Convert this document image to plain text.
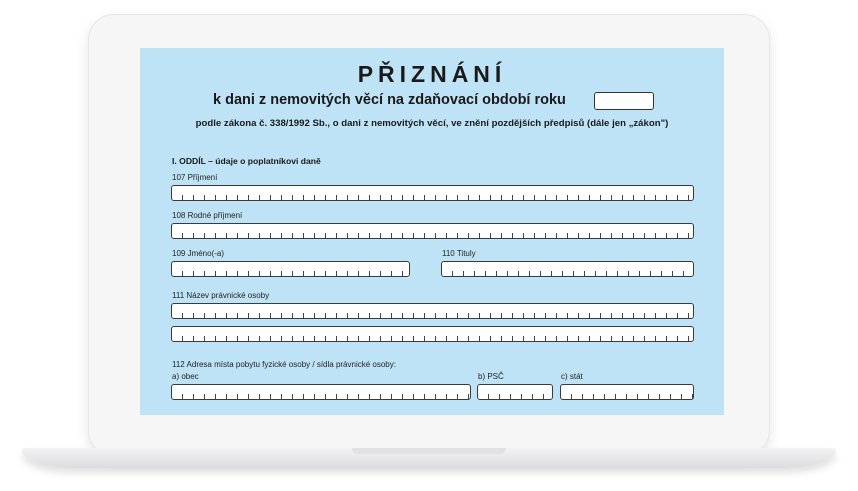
PŘIZNÁNÍ
k dani z nemovitých věcí na zdaňovací období roku
podle zákona č. 338/1992 Sb., o dani z nemovitých věcí, ve znění pozdějších předpisů (dále jen „zákon")
I. ODDÍL – údaje o poplatníkovi daně
107 Příjmení
108 Rodné příjmení
109 Jméno(-a)	110 Tituly
111 Název právnické osoby
112 Adresa místa pobytu fyzické osoby / sídla právnické osoby:
a) obec	b) PSČ	c) stát
